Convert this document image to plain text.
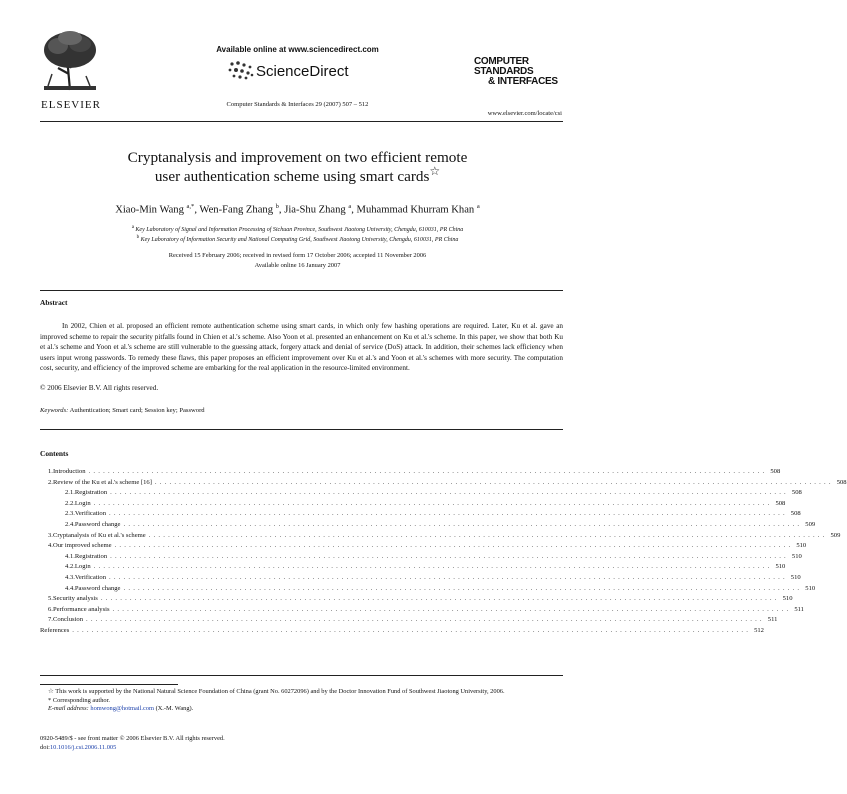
ELSEVIER
Available online at www.sciencedirect.com
ScienceDirect
Computer Standards & Interfaces 29 (2007) 507 – 512
COMPUTER STANDARDS
& INTERFACES
www.elsevier.com/locate/csi
Cryptanalysis and improvement on two efficient remote
user authentication scheme using smart cards☆
Xiao-Min Wang $^{a,*}$, Wen-Fang Zhang $^b$, Jia-Shu Zhang $^a$, Muhammad Khurram Khan $^a$
$^a$ Key Laboratory of Signal and Information Processing of Sichuan Province, Southwest Jiaotong University, Chengdu, 610031, PR China
$^b$ Key Laboratory of Information Security and National Computing Grid, Southwest Jiaotong University, Chengdu, 610031, PR China
Received 15 February 2006; received in revised form 17 October 2006; accepted 11 November 2006
Available online 16 January 2007
Abstract
In 2002, Chien et al. proposed an efficient remote authentication scheme using smart cards, in which only few hashing operations are required. Later, Ku et al. gave an improved scheme to repair the security pitfalls found in Chien et al.'s scheme. Also Yoon et al. presented an enhancement on Ku et al.'s scheme. In this paper, we show that both Ku et al.'s scheme and Yoon et al.'s scheme are still vulnerable to the guessing attack, forgery attack and denial of service (DoS) attack. In addition, their schemes lack efficiency when users input wrong passwords. To remedy these flaws, this paper proposes an efficient improvement over Ku et al.'s and Yoon et al.'s schemes with more security. The computation cost, security, and efficiency of the improved scheme are embarking for the real application in the resource-limited environment.
© 2006 Elsevier B.V. All rights reserved.
Keywords: Authentication; Smart card; Session key; Password
Contents
1. Introduction ............................................................................................................................................ 508
2. Review of the Ku et al.'s scheme [16] ............................................................................................................................................ 508
2.1. Registration ............................................................................................................................................ 508
2.2. Login ............................................................................................................................................ 508
2.3. Verification ............................................................................................................................................ 508
2.4. Password change ............................................................................................................................................ 509
3. Cryptanalysis of Ku et al.'s scheme ............................................................................................................................................ 509
4. Our improved scheme ............................................................................................................................................ 510
4.1. Registration ............................................................................................................................................ 510
4.2. Login ............................................................................................................................................ 510
4.3. Verification ............................................................................................................................................ 510
4.4. Password change ............................................................................................................................................ 510
5. Security analysis ............................................................................................................................................ 510
6. Performance analysis ............................................................................................................................................ 511
7. Conclusion ............................................................................................................................................ 511
References ............................................................................................................................................ 512
☆ This work is supported by the National Natural Science Foundation of China (grant No. 60272096) and by the Doctor Innovation Fund of Southwest Jiaotong University, 2006.
* Corresponding author.
E-mail address: homwong@hotmail.com (X.-M. Wang).
0920-5489/$ - see front matter © 2006 Elsevier B.V. All rights reserved.
doi:10.1016/j.csi.2006.11.005
